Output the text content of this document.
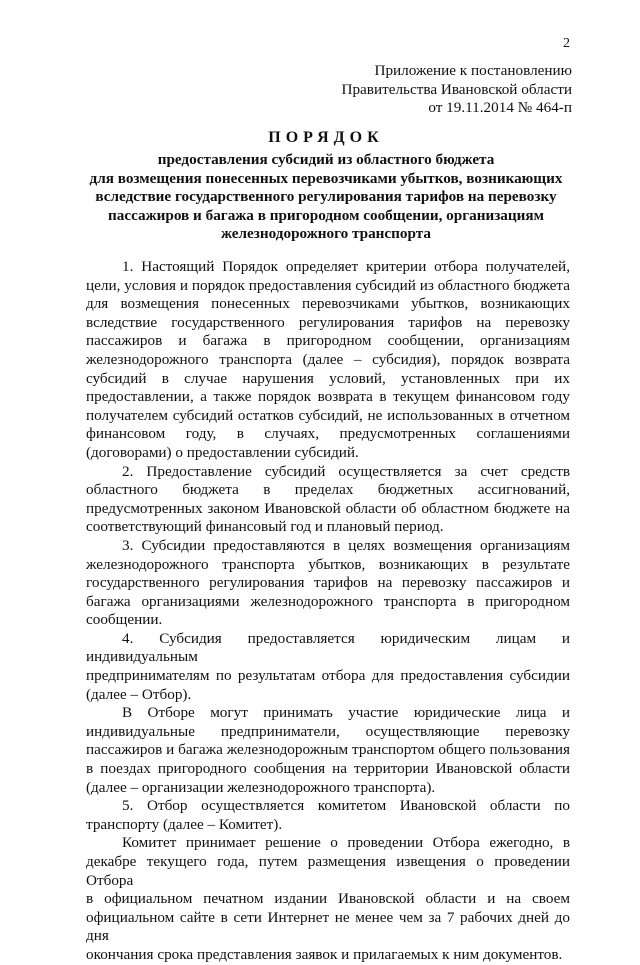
2
Приложение к постановлению
Правительства Ивановской области
от 19.11.2014 № 464-п
ПОРЯДОК
предоставления субсидий из областного бюджета
для возмещения понесенных перевозчиками убытков, возникающих
вследствие государственного регулирования тарифов на перевозку
пассажиров и багажа в пригородном сообщении, организациям
железнодорожного транспорта

1. Настоящий Порядок определяет критерии отбора получателей,
цели, условия и порядок предоставления субсидий из областного бюджета
для возмещения понесенных перевозчиками убытков, возникающих
вследствие государственного регулирования тарифов на перевозку
пассажиров и багажа в пригородном сообщении, организациям
железнодорожного транспорта (далее – субсидия), порядок возврата
субсидий в случае нарушения условий, установленных при их
предоставлении, а также порядок возврата в текущем финансовом году
получателем субсидий остатков субсидий, не использованных в отчетном
финансовом году, в случаях, предусмотренных соглашениями
(договорами) о предоставлении субсидий.

2. Предоставление субсидий осуществляется за счет средств
областного бюджета в пределах бюджетных ассигнований,
предусмотренных законом Ивановской области об областном бюджете на
соответствующий финансовый год и плановый период.

3. Субсидии предоставляются в целях возмещения организациям
железнодорожного транспорта убытков, возникающих в результате
государственного регулирования тарифов на перевозку пассажиров и
багажа организациями железнодорожного транспорта в пригородном
сообщении.

4. Субсидия предоставляется юридическим лицам и индивидуальным
предпринимателям по результатам отбора для предоставления субсидии
(далее – Отбор).

В Отборе могут принимать участие юридические лица и
индивидуальные предприниматели, осуществляющие перевозку
пассажиров и багажа железнодорожным транспортом общего пользования
в поездах пригородного сообщения на территории Ивановской области
(далее – организации железнодорожного транспорта).

5. Отбор осуществляется комитетом Ивановской области по
транспорту (далее – Комитет).

Комитет принимает решение о проведении Отбора ежегодно, в
декабре текущего года, путем размещения извещения о проведении Отбора
в официальном печатном издании Ивановской области и на своем
официальном сайте в сети Интернет не менее чем за 7 рабочих дней до дня
окончания срока представления заявок и прилагаемых к ним документов.
